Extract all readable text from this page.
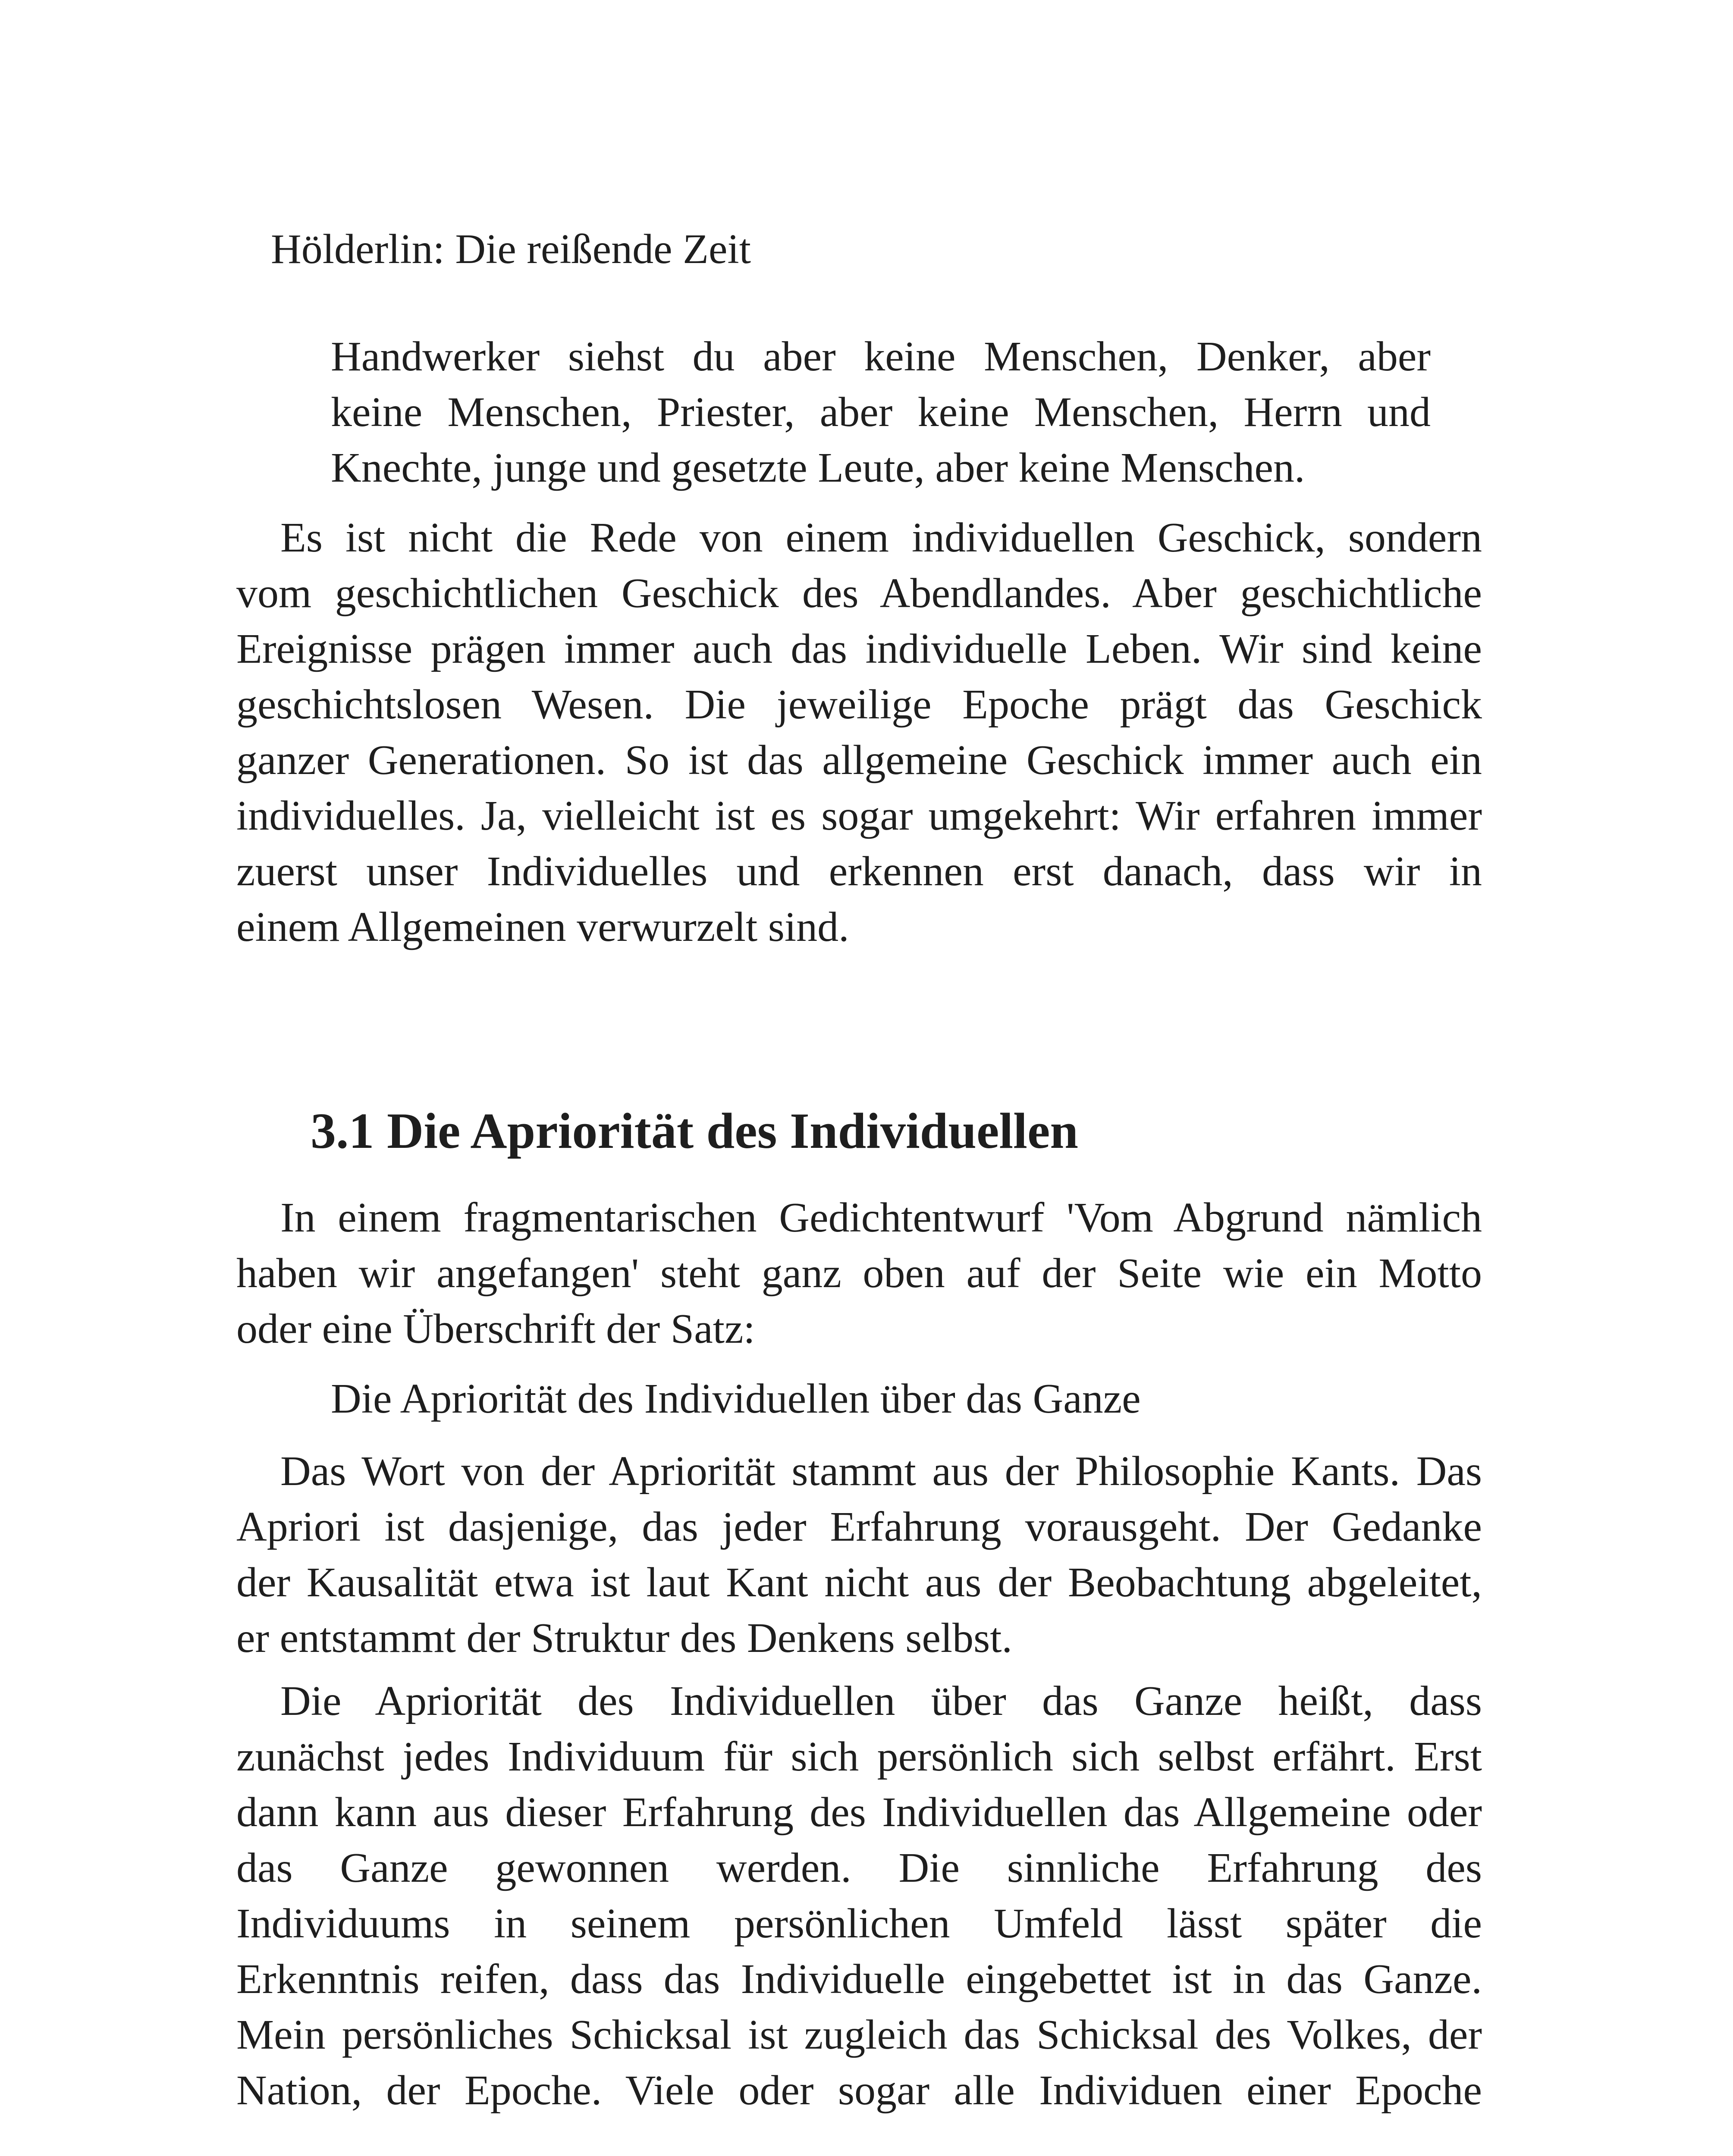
Hölderlin: Die reißende Zeit
Handwerker siehst du aber keine Menschen, Denker, aber
keine Menschen, Priester, aber keine Menschen, Herrn und
Knechte, junge und gesetzte Leute, aber keine Menschen.
Es ist nicht die Rede von einem individuellen Geschick, sondern
vom geschichtlichen Geschick des Abendlandes. Aber geschichtliche
Ereignisse prägen immer auch das individuelle Leben. Wir sind keine
geschichtslosen Wesen. Die jeweilige Epoche prägt das Geschick
ganzer Generationen. So ist das allgemeine Geschick immer auch ein
individuelles. Ja, vielleicht ist es sogar umgekehrt: Wir erfahren immer
zuerst unser Individuelles und erkennen erst danach, dass wir in
einem Allgemeinen verwurzelt sind.
3.1 Die Apriorität des Individuellen
In einem fragmentarischen Gedichtentwurf 'Vom Abgrund nämlich
haben wir angefangen' steht ganz oben auf der Seite wie ein Motto
oder eine Überschrift der Satz:
Die Apriorität des Individuellen über das Ganze
Das Wort von der Apriorität stammt aus der Philosophie Kants. Das
Apriori ist dasjenige, das jeder Erfahrung vorausgeht. Der Gedanke
der Kausalität etwa ist laut Kant nicht aus der Beobachtung abgeleitet,
er entstammt der Struktur des Denkens selbst.
Die Apriorität des Individuellen über das Ganze heißt, dass
zunächst jedes Individuum für sich persönlich sich selbst erfährt. Erst
dann kann aus dieser Erfahrung des Individuellen das Allgemeine oder
das Ganze gewonnen werden. Die sinnliche Erfahrung des
Individuums in seinem persönlichen Umfeld lässt später die
Erkenntnis reifen, dass das Individuelle eingebettet ist in das Ganze.
Mein persönliches Schicksal ist zugleich das Schicksal des Volkes, der
Nation, der Epoche. Viele oder sogar alle Individuen einer Epoche
